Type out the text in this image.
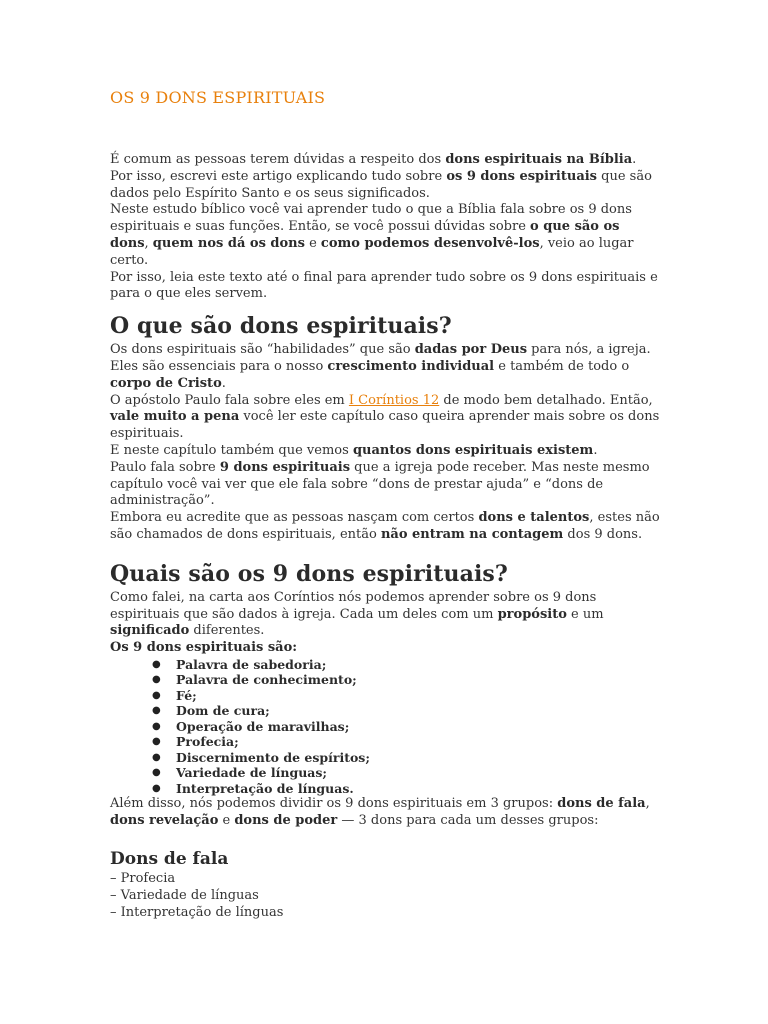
OS 9 DONS ESPIRITUAIS

É comum as pessoas terem dúvidas a respeito dos dons espirituais na Bíblia. Por isso, escrevi este artigo explicando tudo sobre os 9 dons espirituais que são dados pelo Espírito Santo e os seus significados.

Neste estudo bíblico você vai aprender tudo o que a Bíblia fala sobre os 9 dons espirituais e suas funções. Então, se você possui dúvidas sobre o que são os dons, quem nos dá os dons e como podemos desenvolvê-los, veio ao lugar certo.

Por isso, leia este texto até o final para aprender tudo sobre os 9 dons espirituais e para o que eles servem.

O que são dons espirituais?

Os dons espirituais são “habilidades” que são dadas por Deus para nós, a igreja. Eles são essenciais para o nosso crescimento individual e também de todo o corpo de Cristo.

O apóstolo Paulo fala sobre eles em I Coríntios 12 de modo bem detalhado. Então, vale muito a pena você ler este capítulo caso queira aprender mais sobre os dons espirituais.

E neste capítulo também que vemos quantos dons espirituais existem.

Paulo fala sobre 9 dons espirituais que a igreja pode receber. Mas neste mesmo capítulo você vai ver que ele fala sobre “dons de prestar ajuda” e “dons de administração”.

Embora eu acredite que as pessoas nasçam com certos dons e talentos, estes não são chamados de dons espirituais, então não entram na contagem dos 9 dons.

Quais são os 9 dons espirituais?

Como falei, na carta aos Coríntios nós podemos aprender sobre os 9 dons espirituais que são dados à igreja. Cada um deles com um propósito e um significado diferentes.

Os 9 dons espirituais são:

● Palavra de sabedoria;
● Palavra de conhecimento;
● Fé;
● Dom de cura;
● Operação de maravilhas;
● Profecia;
● Discernimento de espíritos;
● Variedade de línguas;
● Interpretação de línguas.

Além disso, nós podemos dividir os 9 dons espirituais em 3 grupos: dons de fala, dons revelação e dons de poder — 3 dons para cada um desses grupos:

Dons de fala

– Profecia

– Variedade de línguas

– Interpretação de línguas
